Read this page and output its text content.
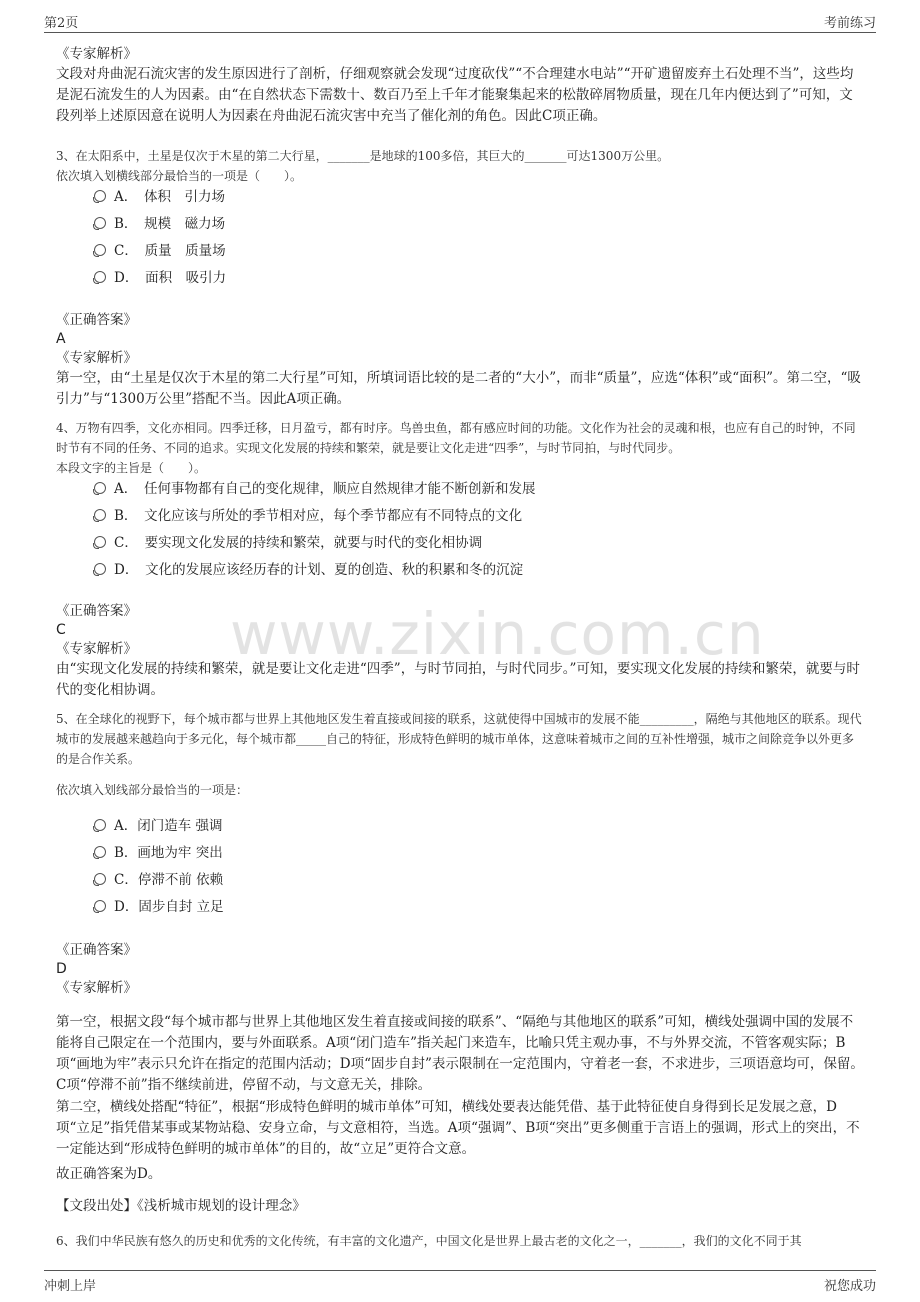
第2页	考前练习
www.zixin.com.cn

《专家解析》

文段对舟曲泥石流灾害的发生原因进行了剖析，仔细观察就会发现“过度砍伐”“不合理建水电站”“开矿遗留废弃土石处理不当”，这些均是泥石流发生的人为因素。由“在自然状态下需数十、数百乃至上千年才能聚集起来的松散碎屑物质量，现在几年内便达到了”可知，文段列举上述原因意在说明人为因素在舟曲泥石流灾害中充当了催化剂的角色。因此C项正确。

3、在太阳系中，土星是仅次于木星的第二大行星，_______是地球的100多倍，其巨大的_______可达1300万公里。

依次填入划横线部分最恰当的一项是（　　）。

A．　体积　引力场
B．　规模　磁力场
C．　质量　质量场
D．　面积　吸引力

《正确答案》

A

《专家解析》

第一空，由“土星是仅次于木星的第二大行星”可知，所填词语比较的是二者的“大小”，而非“质量”，应选“体积”或“面积”。第二空，“吸引力”与“1300万公里”搭配不当。因此A项正确。

4、万物有四季，文化亦相同。四季迁移，日月盈亏，都有时序。鸟兽虫鱼，都有感应时间的功能。文化作为社会的灵魂和根，也应有自己的时钟，不同时节有不同的任务、不同的追求。实现文化发展的持续和繁荣，就是要让文化走进“四季”，与时节同拍，与时代同步。

本段文字的主旨是（　　）。

A．　任何事物都有自己的变化规律，顺应自然规律才能不断创新和发展
B．　文化应该与所处的季节相对应，每个季节都应有不同特点的文化
C．　要实现文化发展的持续和繁荣，就要与时代的变化相协调
D．　文化的发展应该经历春的计划、夏的创造、秋的积累和冬的沉淀

《正确答案》

C

《专家解析》

由“实现文化发展的持续和繁荣，就是要让文化走进“四季”，与时节同拍，与时代同步。”可知，要实现文化发展的持续和繁荣，就要与时代的变化相协调。

5、在全球化的视野下，每个城市都与世界上其他地区发生着直接或间接的联系，这就使得中国城市的发展不能_________，隔绝与其他地区的联系。现代城市的发展越来越趋向于多元化，每个城市都_____自己的特征，形成特色鲜明的城市单体，这意味着城市之间的互补性增强，城市之间除竞争以外更多的是合作关系。

依次填入划线部分最恰当的一项是：

A．闭门造车 强调
B．画地为牢 突出
C．停滞不前 依赖
D．固步自封 立足

《正确答案》

D

《专家解析》

第一空，根据文段“每个城市都与世界上其他地区发生着直接或间接的联系”、“隔绝与其他地区的联系”可知，横线处强调中国的发展不能将自己限定在一个范围内，要与外面联系。A项“闭门造车”指关起门来造车，比喻只凭主观办事，不与外界交流，不管客观实际；B项“画地为牢”表示只允许在指定的范围内活动；D项“固步自封”表示限制在一定范围内，守着老一套，不求进步，三项语意均可，保留。C项“停滞不前”指不继续前进，停留不动，与文意无关，排除。

第二空，横线处搭配“特征”，根据“形成特色鲜明的城市单体”可知，横线处要表达能凭借、基于此特征使自身得到长足发展之意，D项“立足”指凭借某事或某物站稳、安身立命，与文意相符，当选。A项“强调”、B项“突出”更多侧重于言语上的强调，形式上的突出，不一定能达到“形成特色鲜明的城市单体”的目的，故“立足”更符合文意。

故正确答案为D。

【文段出处】《浅析城市规划的设计理念》

6、我们中华民族有悠久的历史和优秀的文化传统，有丰富的文化遗产，中国文化是世界上最古老的文化之一，_______，我们的文化不同于其

冲刺上岸	祝您成功
